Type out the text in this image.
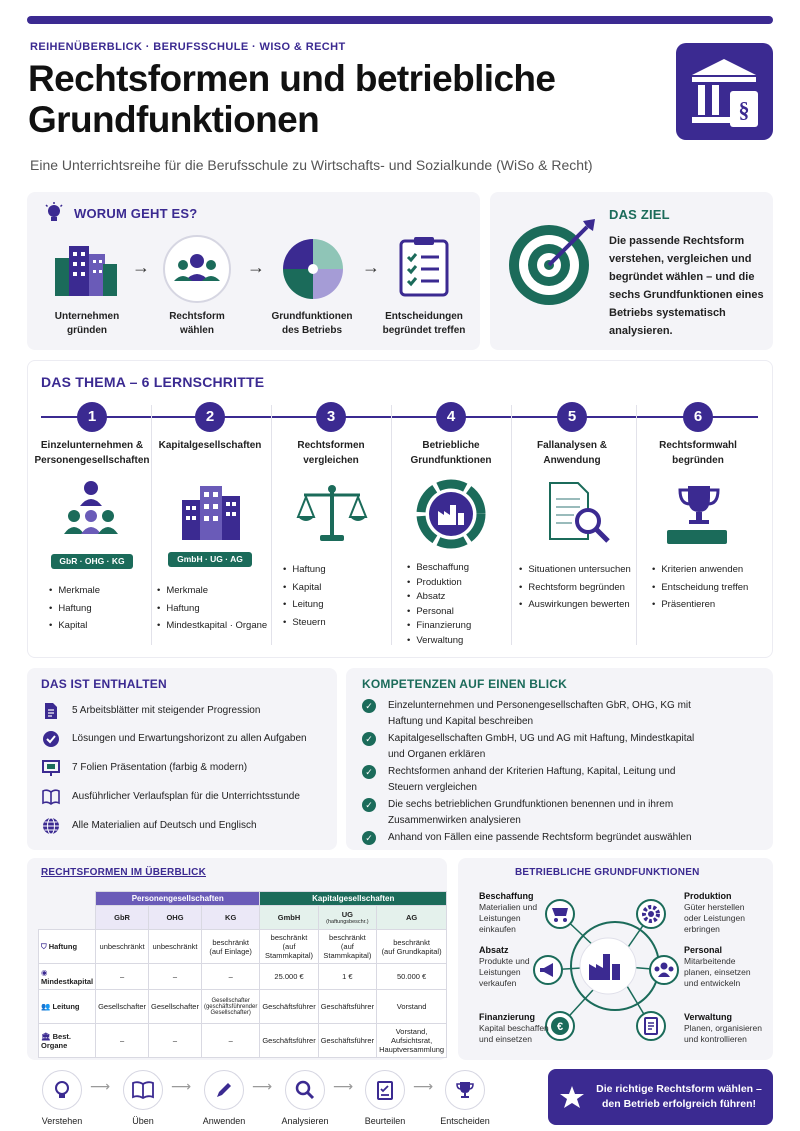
REIHENÜBERBLICK · BERUFSSCHULE · WISO & RECHT
Rechtsformen und betriebliche
Grundfunktionen
Eine Unterrichtsreihe für die Berufsschule zu Wirtschafts- und Sozialkunde (WiSo & Recht)
§
WORUM GEHT ES?
→	→	→
Unternehmen
gründen
Rechtsform
wählen
Grundfunktionen
des Betriebs
Entscheidungen
begründet treffen
DAS ZIEL
Die passende Rechtsform
verstehen, vergleichen und
begründet wählen – und die
sechs Grundfunktionen eines
Betriebs systematisch
analysieren.
DAS THEMA – 6 LERNSCHRITTE
1	2	3	4	5	6
Einzelunternehmen &
Personengesellschaften
Kapitalgesellschaften	Rechtsformen
vergleichen
Betriebliche
Grundfunktionen
Fallanalysen &
Anwendung
Rechtsformwahl
begründen
GbR · OHG · KG	GmbH · UG · AG
• Merkmale
• Haftung
• Kapital
• Merkmale
• Haftung
• Mindestkapital · Organe
• Haftung
• Kapital
• Leitung
• Steuern
• Beschaffung
• Produktion
• Absatz
• Personal
• Finanzierung
• Verwaltung
• Situationen untersuchen
• Rechtsform begründen
• Auswirkungen bewerten
• Kriterien anwenden
• Entscheidung treffen
• Präsentieren
DAS IST ENTHALTEN
5 Arbeitsblätter mit steigender Progression
Lösungen und Erwartungshorizont zu allen Aufgaben
7 Folien Präsentation (farbig & modern)
Ausführlicher Verlaufsplan für die Unterrichtsstunde
Alle Materialien auf Deutsch und Englisch
KOMPETENZEN AUF EINEN BLICK
✓	Einzelunternehmen und Personengesellschaften GbR, OHG, KG mit
Haftung und Kapital beschreiben
✓	Kapitalgesellschaften GmbH, UG und AG mit Haftung, Mindestkapital
und Organen erklären
✓	Rechtsformen anhand der Kriterien Haftung, Kapital, Leitung und
Steuern vergleichen
✓	Die sechs betrieblichen Grundfunktionen benennen und in ihrem
Zusammenwirken analysieren
✓	Anhand von Fällen eine passende Rechtsform begründet auswählen
RECHTSFORMEN IM ÜBERBLICK
	Personengesellschaften			Kapitalgesellschaften		
	GbR	OHG	KG	GmbH	UG
(haftungsbeschr.)	AG
⛉ Haftung	unbeschränkt	unbeschränkt	beschränkt
(auf Einlage)	beschränkt
(auf Stammkapital)	beschränkt
(auf Stammkapital)	beschränkt
(auf Grundkapital)
◉ Mindestkapital	–	–	–	25.000 €	1 €	50.000 €
👥 Leitung	Gesellschafter	Gesellschafter	Gesellschafter
(geschäftsführender
Gesellschafter)	Geschäftsführer	Geschäftsführer	Vorstand
🏛 Best. Organe	–	–	–	Geschäftsführer	Geschäftsführer	Vorstand,
Aufsichtsrat,
Hauptversammlung
BETRIEBLICHE GRUNDFUNKTIONEN
€
Beschaffung
Materialien und
Leistungen
einkaufen
Produktion
Güter herstellen
oder Leistungen
erbringen
Absatz
Produkte und
Leistungen
verkaufen
Personal
Mitarbeitende
planen, einsetzen
und entwickeln
Finanzierung
Kapital beschaffen
und einsetzen
Verwaltung
Planen, organisieren
und kontrollieren
Verstehen
⟶
Üben
⟶
Anwenden
⟶
Analysieren
⟶
Beurteilen
⟶
Entscheiden
Die richtige Rechtsform wählen –
den Betrieb erfolgreich führen!
